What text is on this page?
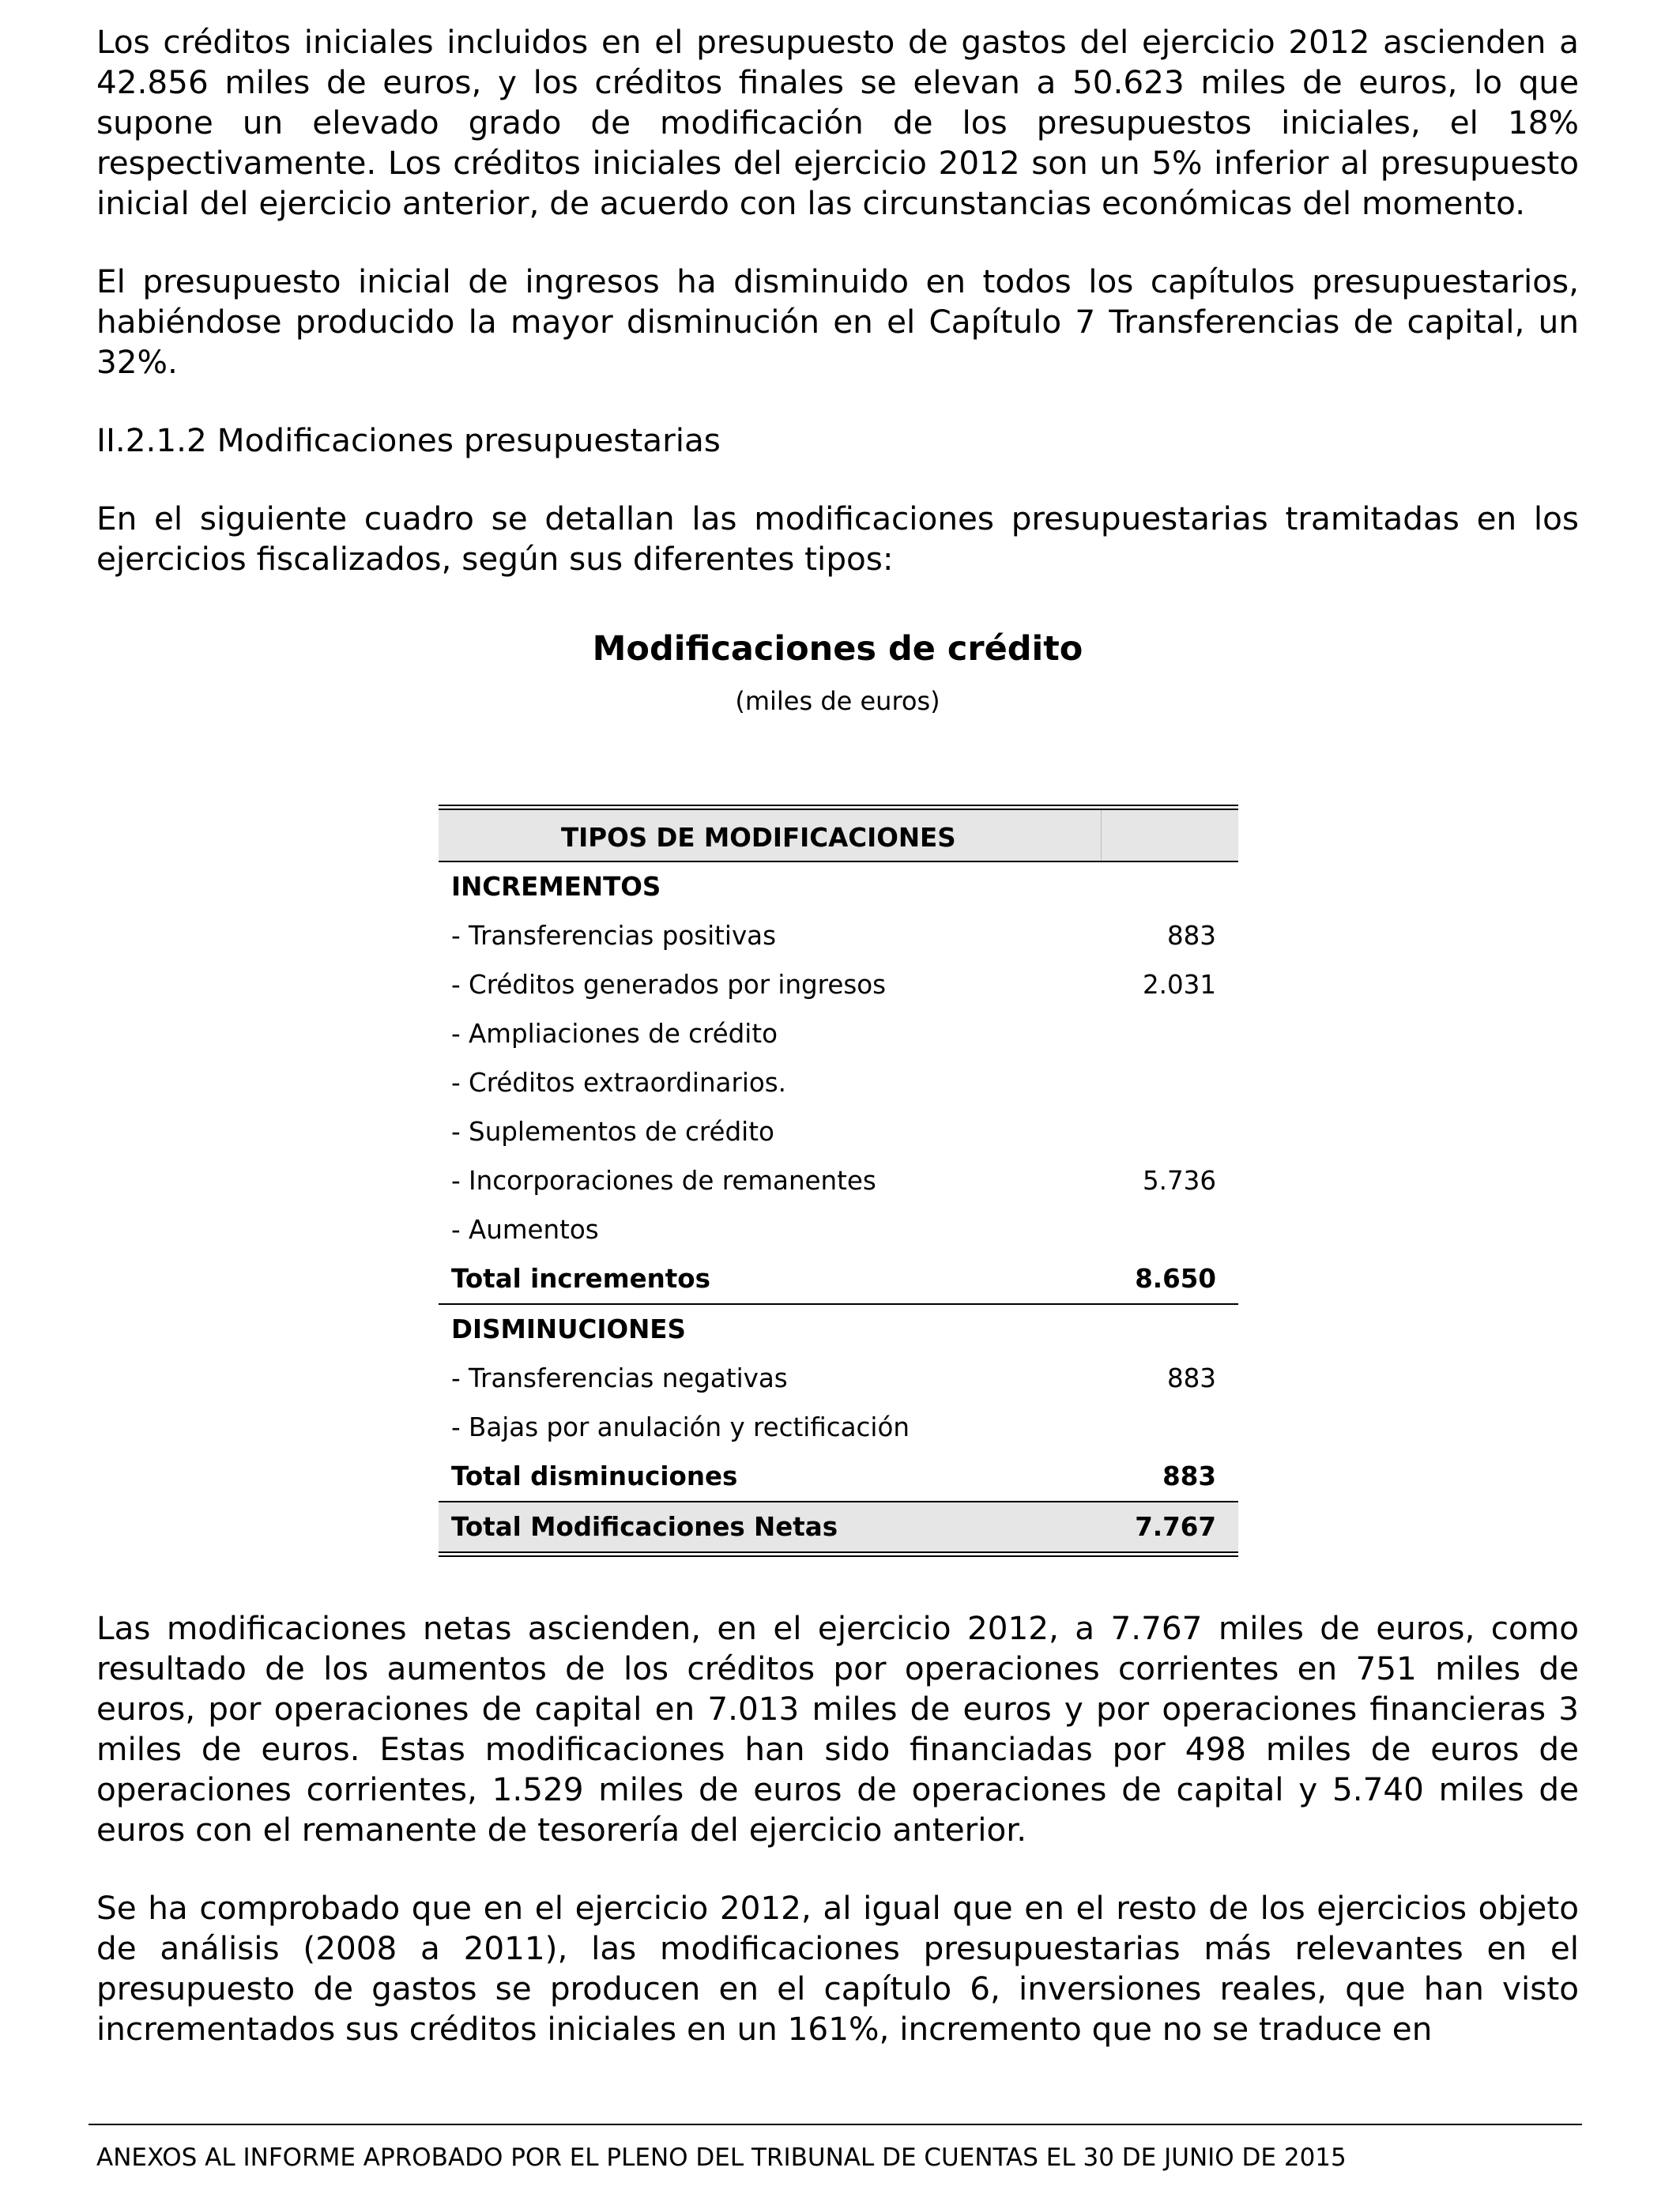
Los créditos iniciales incluidos en el presupuesto de gastos del ejercicio 2012 ascienden a 42.856 miles de euros, y los créditos finales se elevan a 50.623 miles de euros, lo que supone un elevado grado de modificación de los presupuestos iniciales, el 18% respectivamente. Los créditos iniciales del ejercicio 2012 son un 5% inferior al presupuesto inicial del ejercicio anterior, de acuerdo con las circunstancias económicas del momento.

El presupuesto inicial de ingresos ha disminuido en todos los capítulos presupuestarios, habiéndose producido la mayor disminución en el Capítulo 7 Transferencias de capital, un 32%.

II.2.1.2 Modificaciones presupuestarias

En el siguiente cuadro se detallan las modificaciones presupuestarias tramitadas en los ejercicios fiscalizados, según sus diferentes tipos:

Modificaciones de crédito
(miles de euros)
TIPOS DE MODIFICACIONES
INCREMENTOS
- Transferencias positivas	883
- Créditos generados por ingresos	2.031
- Ampliaciones de crédito
- Créditos extraordinarios.
- Suplementos de crédito
- Incorporaciones de remanentes	5.736
- Aumentos
Total incrementos	8.650
DISMINUCIONES
- Transferencias negativas	883
- Bajas por anulación y rectificación
Total disminuciones	883
Total Modificaciones Netas	7.767

Las modificaciones netas ascienden, en el ejercicio 2012, a 7.767 miles de euros, como resultado de los aumentos de los créditos por operaciones corrientes en 751 miles de euros, por operaciones de capital en 7.013 miles de euros y por operaciones financieras 3 miles de euros. Estas modificaciones han sido financiadas por 498 miles de euros de operaciones corrientes, 1.529 miles de euros de operaciones de capital y 5.740 miles de euros con el remanente de tesorería del ejercicio anterior.

Se ha comprobado que en el ejercicio 2012, al igual que en el resto de los ejercicios objeto de análisis (2008 a 2011), las modificaciones presupuestarias más relevantes en el presupuesto de gastos se producen en el capítulo 6, inversiones reales, que han visto incrementados sus créditos iniciales en un 161%, incremento que no se traduce en

ANEXOS AL INFORME APROBADO POR EL PLENO DEL TRIBUNAL DE CUENTAS EL 30 DE JUNIO DE 2015
